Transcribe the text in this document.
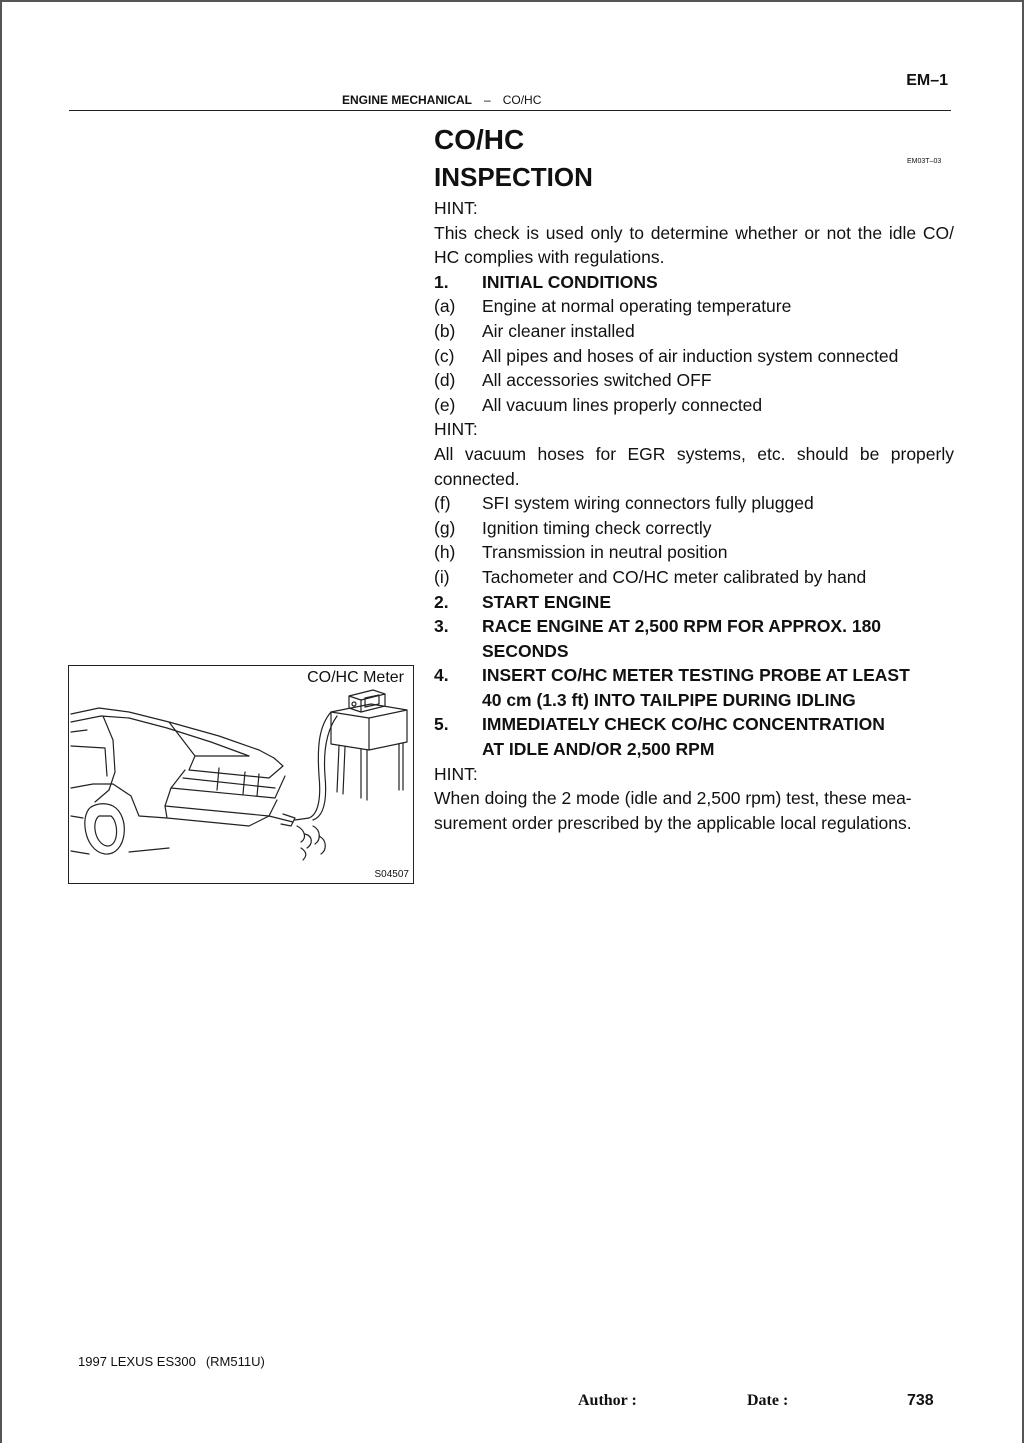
EM–1
ENGINE MECHANICAL – CO/HC
CO/HC
INSPECTION
EM03T–03
HINT:
This check is used only to determine whether or not the idle CO/ HC complies with regulations.
1.	INITIAL CONDITIONS
(a)	Engine at normal operating temperature
(b)	Air cleaner installed
(c)	All pipes and hoses of air induction system connected
(d)	All accessories switched OFF
(e)	All vacuum lines properly connected
HINT:
All vacuum hoses for EGR systems, etc. should be properly connected.
(f)	SFI system wiring connectors fully plugged
(g)	Ignition timing check correctly
(h)	Transmission in neutral position
(i)	Tachometer and CO/HC meter calibrated by hand
2.	START ENGINE
3.	RACE ENGINE AT 2,500 RPM FOR APPROX. 180
SECONDS
4.	INSERT CO/HC METER TESTING PROBE AT LEAST
40 cm (1.3 ft) INTO TAILPIPE DURING IDLING
5.	IMMEDIATELY CHECK CO/HC CONCENTRATION
AT IDLE AND/OR 2,500 RPM
HINT:
When doing the 2 mode (idle and 2,500 rpm) test, these mea-
surement order prescribed by the applicable local regulations.
CO/HC Meter
S04507
1997 LEXUS ES300 (RM511U)
Author :	Date :	738
